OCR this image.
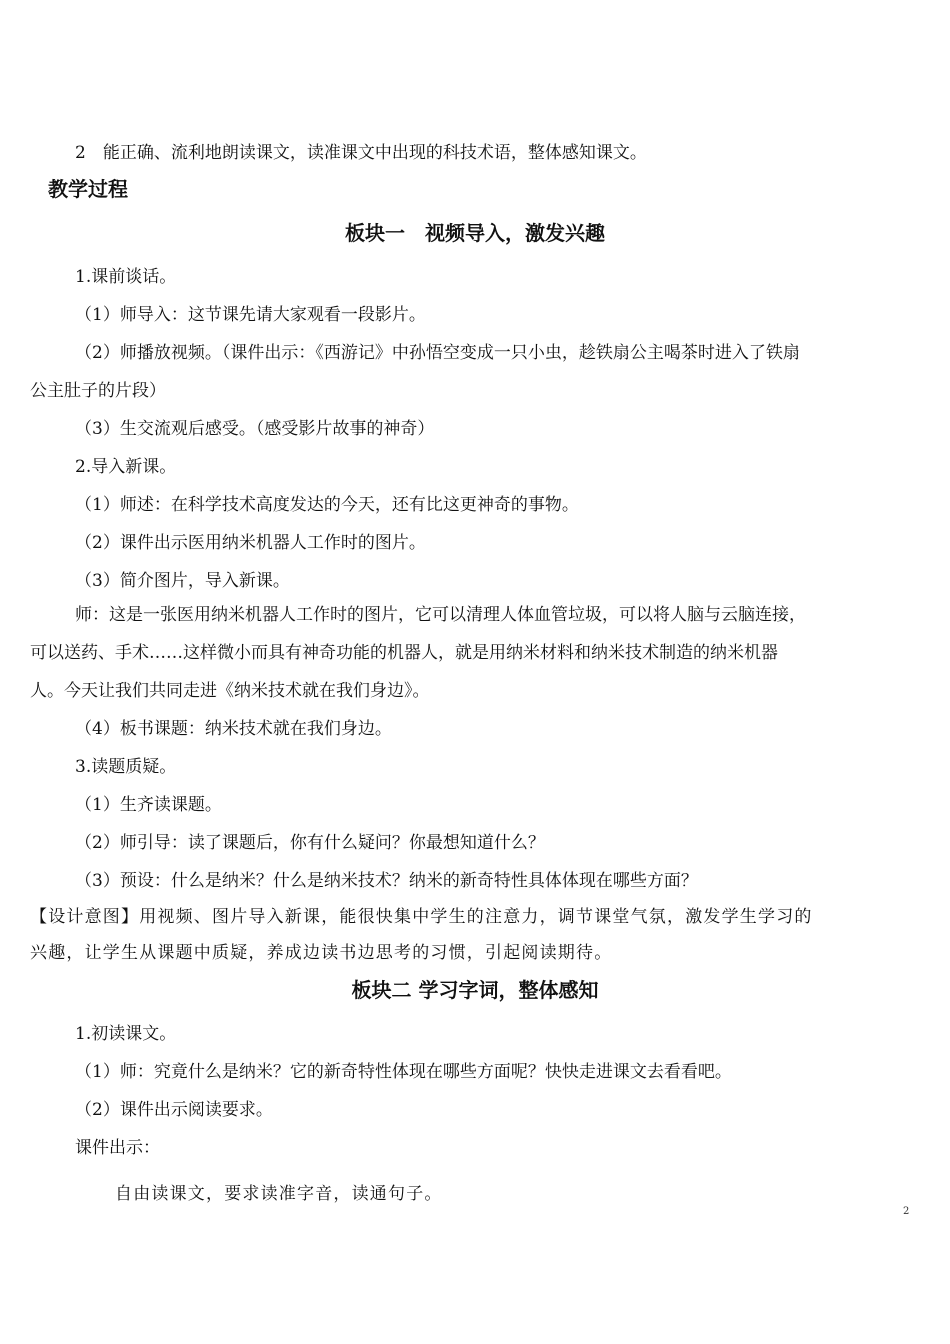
2　能正确、流利地朗读课文，读准课文中出现的科技术语，整体感知课文。
教学过程
板块一　视频导入，激发兴趣
1.课前谈话。
（1）师导入：这节课先请大家观看一段影片。
（2）师播放视频。（课件出示：《西游记》中孙悟空变成一只小虫，趁铁扇公主喝茶时进入了铁扇
公主肚子的片段）
（3）生交流观后感受。（感受影片故事的神奇）
2.导入新课。
（1）师述：在科学技术高度发达的今天，还有比这更神奇的事物。
（2）课件出示医用纳米机器人工作时的图片。
（3）简介图片，导入新课。
师：这是一张医用纳米机器人工作时的图片，它可以清理人体血管垃圾，可以将人脑与云脑连接，
可以送药、手术……这样微小而具有神奇功能的机器人，就是用纳米材料和纳米技术制造的纳米机器
人。今天让我们共同走进《纳米技术就在我们身边》。
（4）板书课题：纳米技术就在我们身边。
3.读题质疑。
（1）生齐读课题。
（2）师引导：读了课题后，你有什么疑问？你最想知道什么？
（3）预设：什么是纳米？什么是纳米技术？纳米的新奇特性具体体现在哪些方面？
【设计意图】用视频、图片导入新课，能很快集中学生的注意力，调节课堂气氛，激发学生学习的
兴趣，让学生从课题中质疑，养成边读书边思考的习惯，引起阅读期待。
板块二 学习字词，整体感知
1.初读课文。
（1）师：究竟什么是纳米？它的新奇特性体现在哪些方面呢？快快走进课文去看看吧。
（2）课件出示阅读要求。
课件出示：
自由读课文，要求读准字音，读通句子。
2
